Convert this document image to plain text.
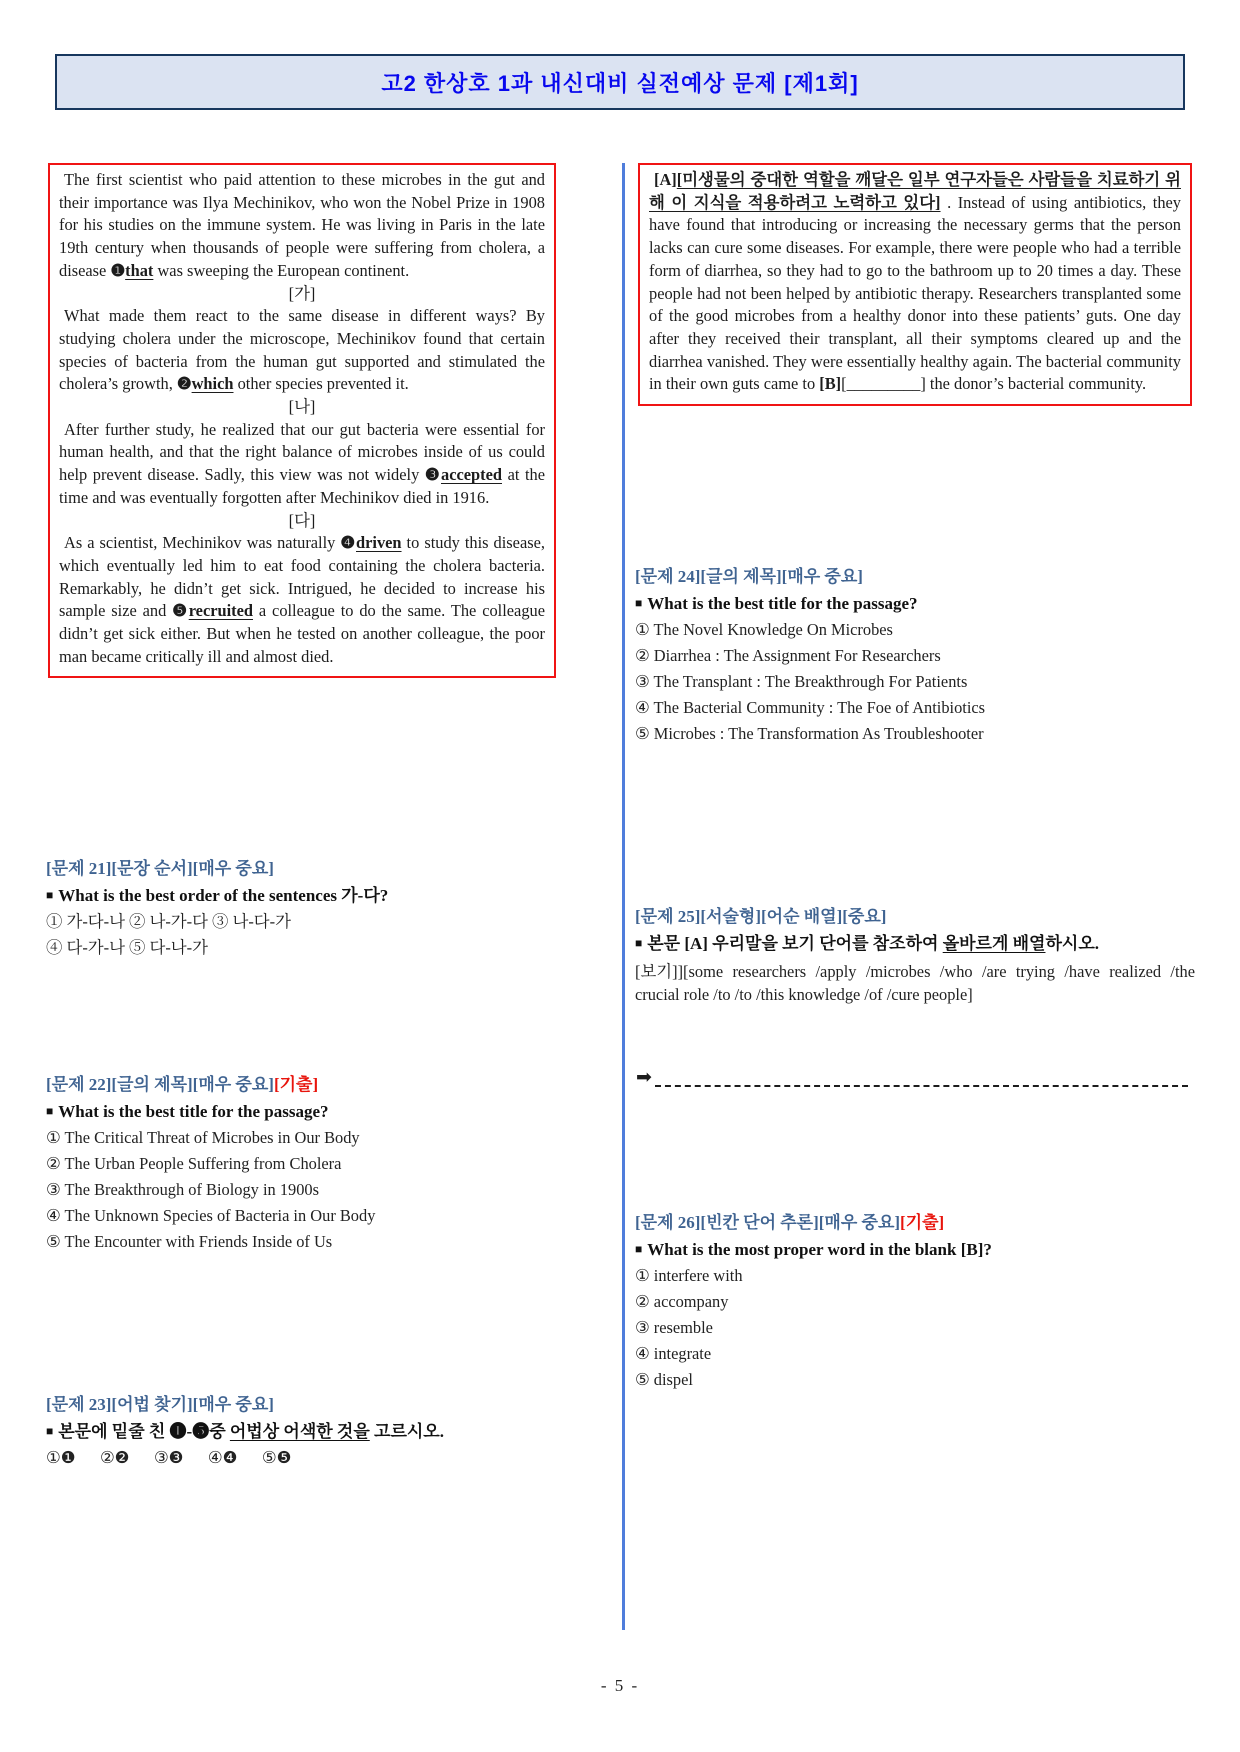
고2 한상호 1과 내신대비 실전예상 문제 [제1회]

The first scientist who paid attention to these microbes in the gut and their importance was Ilya Mechinikov, who won the Nobel Prize in 1908 for his studies on the immune system. He was living in Paris in the late 19th century when thousands of people were suffering from cholera, a disease ❶that was sweeping the European continent.

[가]

What made them react to the same disease in different ways? By studying cholera under the microscope, Mechinikov found that certain species of bacteria from the human gut supported and stimulated the cholera’s growth, ❷which other species prevented it.

[나]

After further study, he realized that our gut bacteria were essential for human health, and that the right balance of microbes inside of us could help prevent disease. Sadly, this view was not widely ❸accepted at the time and was eventually forgotten after Mechinikov died in 1916.

[다]

As a scientist, Mechinikov was naturally ❹driven to study this disease, which eventually led him to eat food containing the cholera bacteria. Remarkably, he didn’t get sick. Intrigued, he decided to increase his sample size and ❺recruited a colleague to do the same. The colleague didn’t get sick either. But when he tested on another colleague, the poor man became critically ill and almost died.

[A][미생물의 중대한 역할을 깨달은 일부 연구자들은 사람들을 치료하기 위해 이 지식을 적용하려고 노력하고 있다] . Instead of using antibiotics, they have found that introducing or increasing the necessary germs that the person lacks can cure some diseases. For example, there were people who had a terrible form of diarrhea, so they had to go to the bathroom up to 20 times a day. These people had not been helped by antibiotic therapy. Researchers transplanted some of the good microbes from a healthy donor into these patients’ guts. One day after they received their transplant, all their symptoms cleared up and the diarrhea vanished. They were essentially healthy again. The bacterial community in their own guts came to [B][_________] the donor’s bacterial community.

[문제 21][문장 순서][매우 중요]
■ What is the best order of the sentences 가-다?
① 가-다-나 ② 나-가-다 ③ 나-다-가
④ 다-가-나 ⑤ 다-나-가
[문제 22][글의 제목][매우 중요][기출]
■ What is the best title for the passage?
① The Critical Threat of Microbes in Our Body
② The Urban People Suffering from Cholera
③ The Breakthrough of Biology in 1900s
④ The Unknown Species of Bacteria in Our Body
⑤ The Encounter with Friends Inside of Us
[문제 23][어법 찾기][매우 중요]
■ 본문에 밑줄 친 ❶-❺중 어법상 어색한 것을 고르시오.
①❶      ②❷      ③❸      ④❹      ⑤❺
[문제 24][글의 제목][매우 중요]
■ What is the best title for the passage?
① The Novel Knowledge On Microbes
② Diarrhea : The Assignment For Researchers
③ The Transplant : The Breakthrough For Patients
④ The Bacterial Community : The Foe of Antibiotics
⑤ Microbes : The Transformation As Troubleshooter
[문제 25][서술형][어순 배열][중요]
■ 본문 [A] 우리말을 보기 단어를 참조하여 올바르게 배열하시오.
[보기]][some researchers /apply /microbes /who /are trying /have realized /the crucial role /to /to /this knowledge /of /cure people]
➡
[문제 26][빈칸 단어 추론][매우 중요][기출]
■ What is the most proper word in the blank [B]?
① interfere with
② accompany
③ resemble
④ integrate
⑤ dispel
- 5 -
